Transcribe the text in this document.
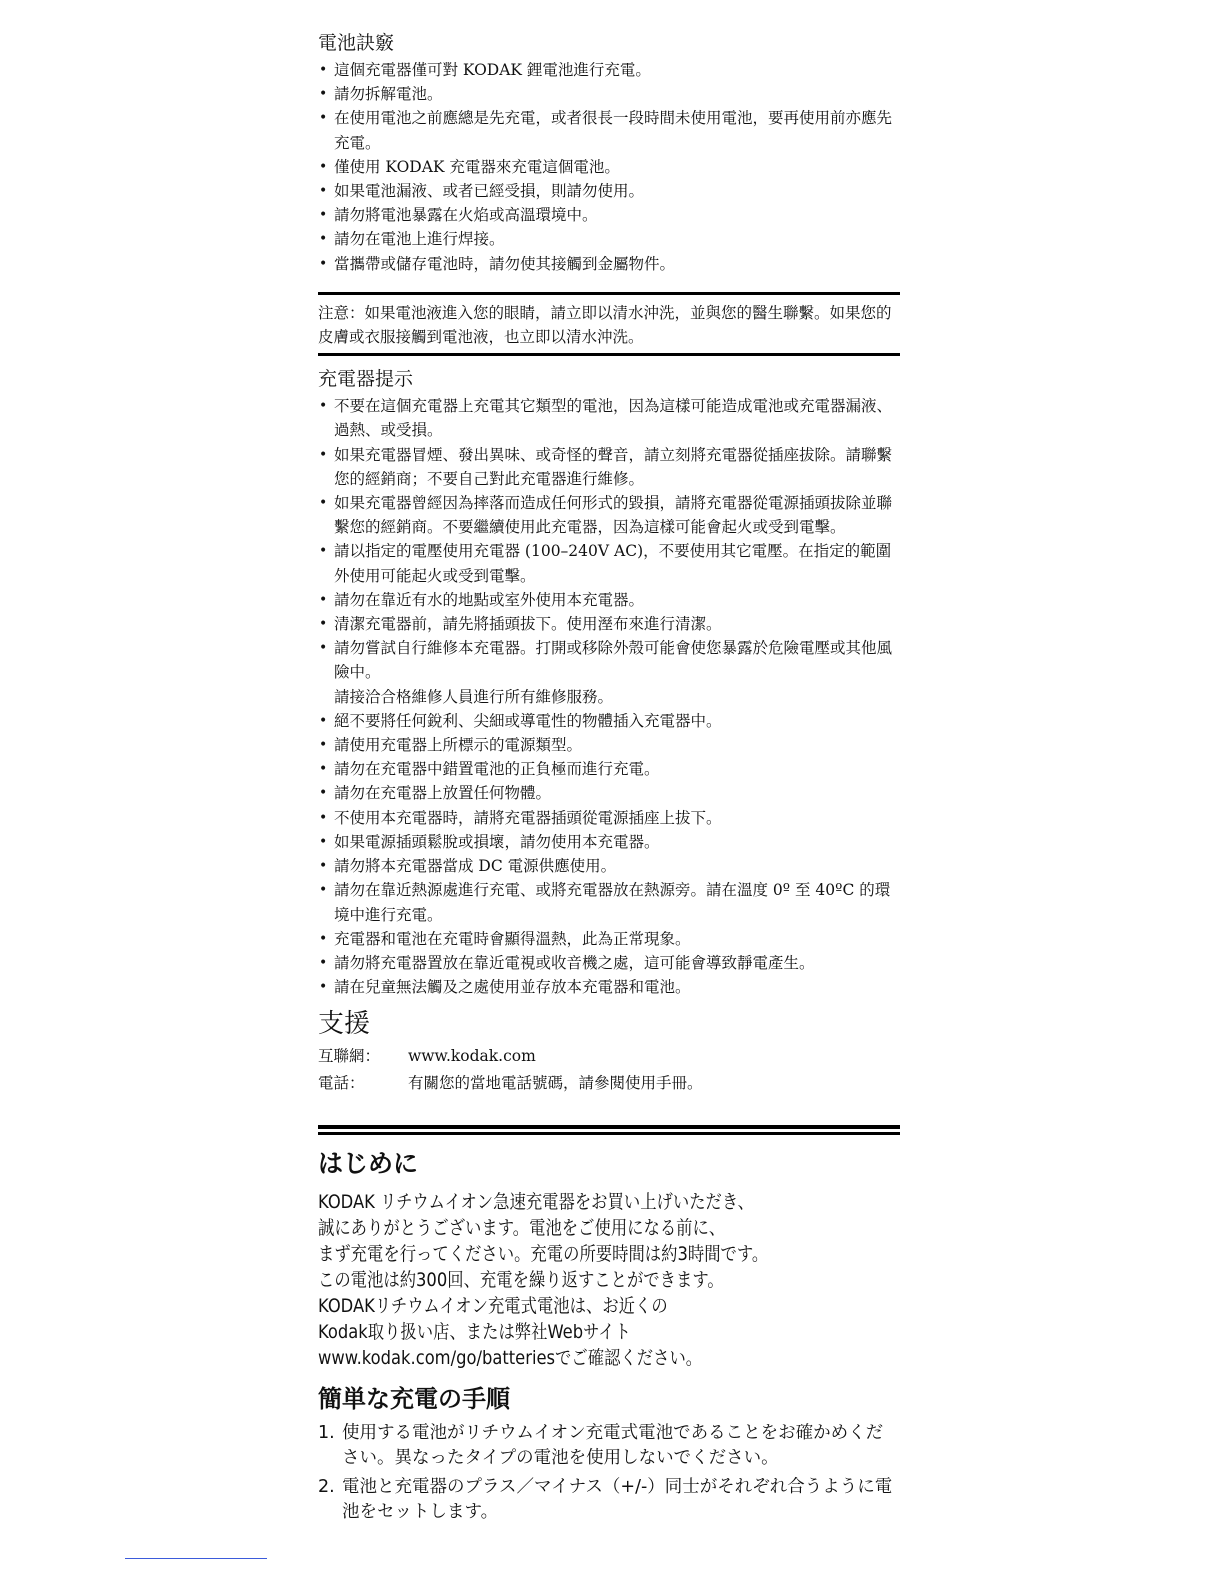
電池訣竅
• 這個充電器僅可對 KODAK 鋰電池進行充電。
• 請勿拆解電池。
• 在使用電池之前應總是先充電，或者很長一段時間未使用電池，要再使用前亦應先充電。
• 僅使用 KODAK 充電器來充電這個電池。
• 如果電池漏液、或者已經受損，則請勿使用。
• 請勿將電池暴露在火焰或高溫環境中。
• 請勿在電池上進行焊接。
• 當攜帶或儲存電池時，請勿使其接觸到金屬物件。
注意：如果電池液進入您的眼睛，請立即以清水沖洗，並與您的醫生聯繫。如果您的皮膚或衣服接觸到電池液，也立即以清水沖洗。
充電器提示
• 不要在這個充電器上充電其它類型的電池，因為這樣可能造成電池或充電器漏液、過熱、或受損。
• 如果充電器冒煙、發出異味、或奇怪的聲音，請立刻將充電器從插座拔除。請聯繫您的經銷商；不要自己對此充電器進行維修。
• 如果充電器曾經因為摔落而造成任何形式的毀損，請將充電器從電源插頭拔除並聯繫您的經銷商。不要繼續使用此充電器，因為這樣可能會起火或受到電擊。
• 請以指定的電壓使用充電器 (100–240V AC)，不要使用其它電壓。在指定的範圍外使用可能起火或受到電擊。
• 請勿在靠近有水的地點或室外使用本充電器。
• 清潔充電器前，請先將插頭拔下。使用溼布來進行清潔。
• 請勿嘗試自行維修本充電器。打開或移除外殼可能會使您暴露於危險電壓或其他風險中。
請接洽合格維修人員進行所有維修服務。
• 絕不要將任何銳利、尖細或導電性的物體插入充電器中。
• 請使用充電器上所標示的電源類型。
• 請勿在充電器中錯置電池的正負極而進行充電。
• 請勿在充電器上放置任何物體。
• 不使用本充電器時，請將充電器插頭從電源插座上拔下。
• 如果電源插頭鬆脫或損壞，請勿使用本充電器。
• 請勿將本充電器當成 DC 電源供應使用。
• 請勿在靠近熱源處進行充電、或將充電器放在熱源旁。請在溫度 0º 至 40ºC 的環境中進行充電。
• 充電器和電池在充電時會顯得溫熱，此為正常現象。
• 請勿將充電器置放在靠近電視或收音機之處，這可能會導致靜電產生。
• 請在兒童無法觸及之處使用並存放本充電器和電池。
支援
互聯網：	www.kodak.com
電話：	有關您的當地電話號碼，請參閱使用手冊。
はじめに

KODAK リチウムイオン急速充電器をお買い上げいただき、
誠にありがとうございます。電池をご使用になる前に、
まず充電を行ってください。充電の所要時間は約3時間です。
この電池は約300回、充電を繰り返すことができます。
KODAKリチウムイオン充電式電池は、お近くの
Kodak取り扱い店、または弊社Webサイト
www.kodak.com/go/batteriesでご確認ください。

簡単な充電の手順
1. 使用する電池がリチウムイオン充電式電池であることをお確かめください。異なったタイプの電池を使用しないでください。
2. 電池と充電器のプラス／マイナス（+/-）同士がそれぞれ合うように電池をセットします。
